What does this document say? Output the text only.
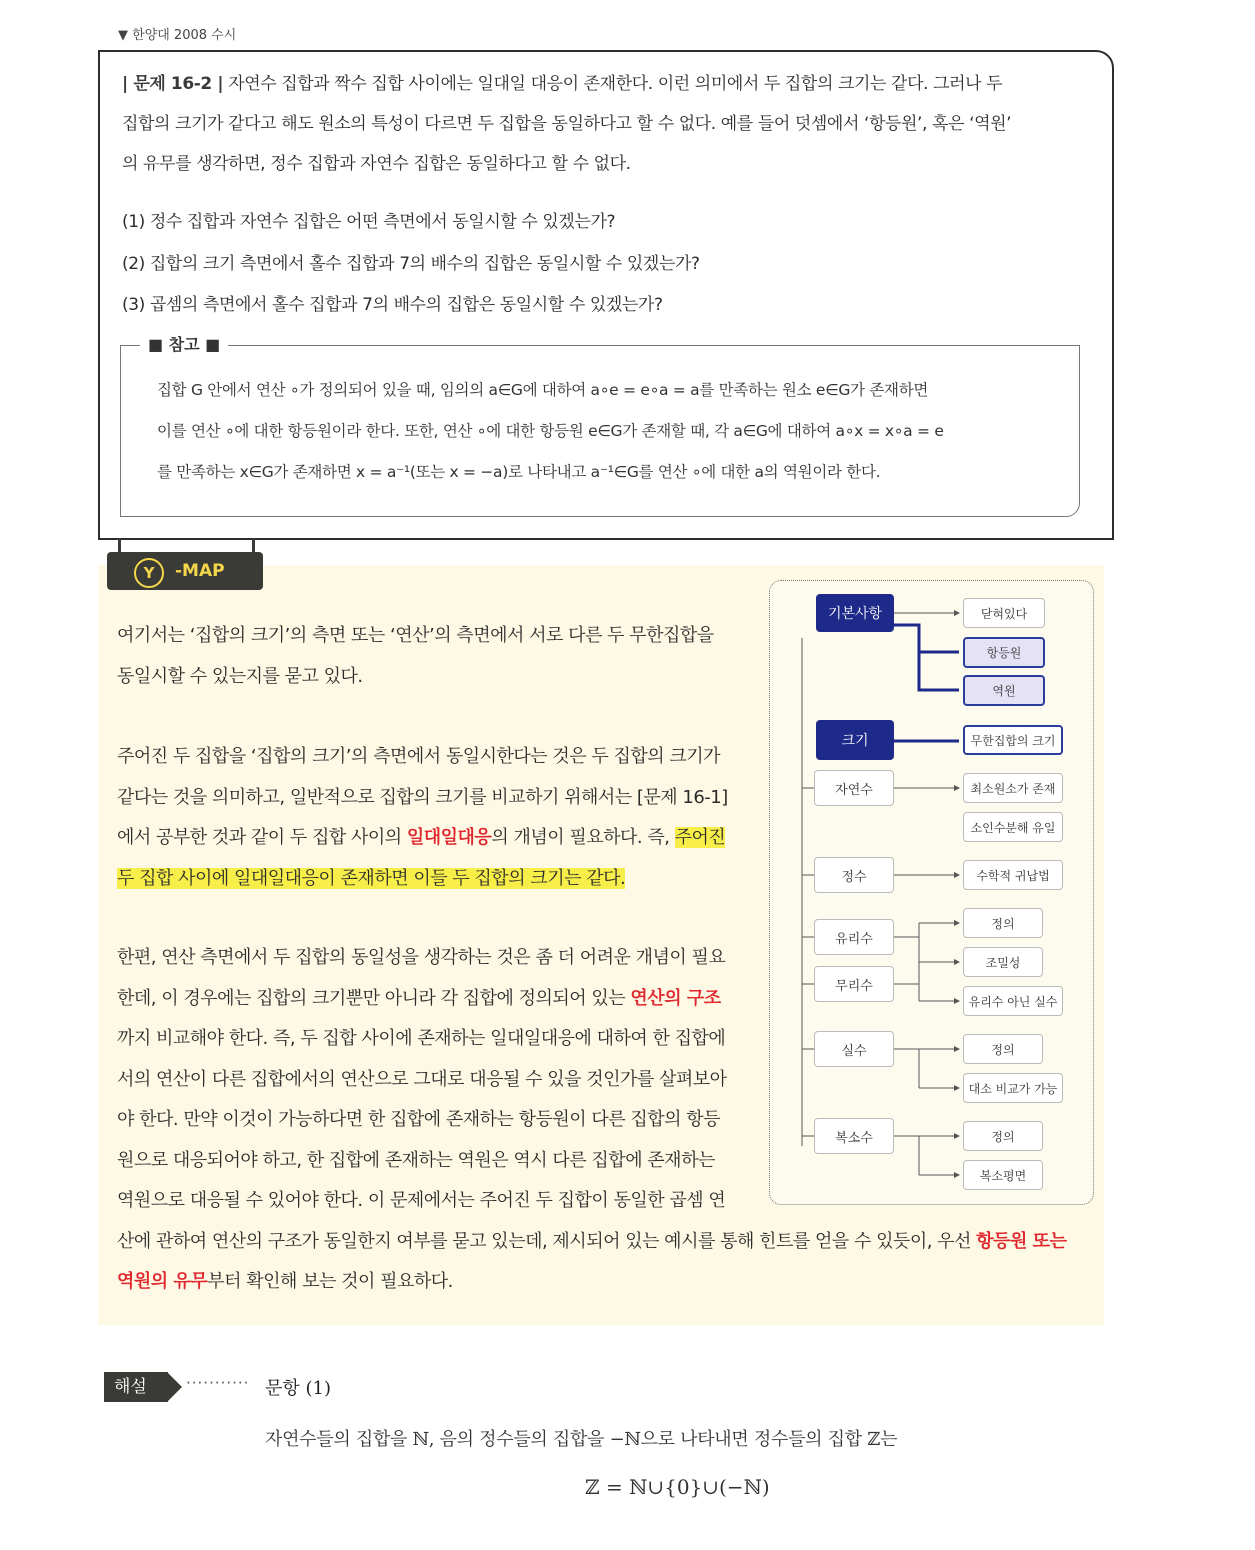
▼ 한양대 2008 수시
| 문제 16-2 | 자연수 집합과 짝수 집합 사이에는 일대일 대응이 존재한다. 이런 의미에서 두 집합의 크기는 같다. 그러나 두
집합의 크기가 같다고 해도 원소의 특성이 다르면 두 집합을 동일하다고 할 수 없다. 예를 들어 덧셈에서 ‘항등원’, 혹은 ‘역원’
의 유무를 생각하면, 정수 집합과 자연수 집합은 동일하다고 할 수 없다.
(1) 정수 집합과 자연수 집합은 어떤 측면에서 동일시할 수 있겠는가?
(2) 집합의 크기 측면에서 홀수 집합과 7의 배수의 집합은 동일시할 수 있겠는가?
(3) 곱셈의 측면에서 홀수 집합과 7의 배수의 집합은 동일시할 수 있겠는가?
■ 참고 ■
집합 G 안에서 연산 ∘가 정의되어 있을 때, 임의의 a∈G에 대하여 a∘e = e∘a = a를 만족하는 원소 e∈G가 존재하면
이를 연산 ∘에 대한 항등원이라 한다. 또한, 연산 ∘에 대한 항등원 e∈G가 존재할 때, 각 a∈G에 대하여 a∘x = x∘a = e
를 만족하는 x∈G가 존재하면 x = a⁻¹(또는 x = −a)로 나타내고 a⁻¹∈G를 연산 ∘에 대한 a의 역원이라 한다.
-MAP
Y
여기서는 ‘집합의 크기’의 측면 또는 ‘연산’의 측면에서 서로 다른 두 무한집합을
동일시할 수 있는지를 묻고 있다.
주어진 두 집합을 ‘집합의 크기’의 측면에서 동일시한다는 것은 두 집합의 크기가
같다는 것을 의미하고, 일반적으로 집합의 크기를 비교하기 위해서는 [문제 16-1]
에서 공부한 것과 같이 두 집합 사이의 일대일대응의 개념이 필요하다. 즉, 주어진
두 집합 사이에 일대일대응이 존재하면 이들 두 집합의 크기는 같다.
한편, 연산 측면에서 두 집합의 동일성을 생각하는 것은 좀 더 어려운 개념이 필요
한데, 이 경우에는 집합의 크기뿐만 아니라 각 집합에 정의되어 있는 연산의 구조
까지 비교해야 한다. 즉, 두 집합 사이에 존재하는 일대일대응에 대하여 한 집합에
서의 연산이 다른 집합에서의 연산으로 그대로 대응될 수 있을 것인가를 살펴보아
야 한다. 만약 이것이 가능하다면 한 집합에 존재하는 항등원이 다른 집합의 항등
원으로 대응되어야 하고, 한 집합에 존재하는 역원은 역시 다른 집합에 존재하는
역원으로 대응될 수 있어야 한다. 이 문제에서는 주어진 두 집합이 동일한 곱셈 연
산에 관하여 연산의 구조가 동일한지 여부를 묻고 있는데, 제시되어 있는 예시를 통해 힌트를 얻을 수 있듯이, 우선 항등원 또는
역원의 유무부터 확인해 보는 것이 필요하다.
기본사항	닫혀있다
항등원
역원
크기	무한집합의 크기
자연수	최소원소가 존재
소인수분해 유일
정수	수학적 귀납법
유리수
무리수
정의
조밀성
유리수 아닌 실수
실수	정의
대소 비교가 가능
복소수	정의
복소평면
해설	··········· 문항 (1)
자연수들의 집합을 ℕ, 음의 정수들의 집합을 −ℕ으로 나타내면 정수들의 집합 ℤ는
ℤ = ℕ∪{0}∪(−ℕ)
